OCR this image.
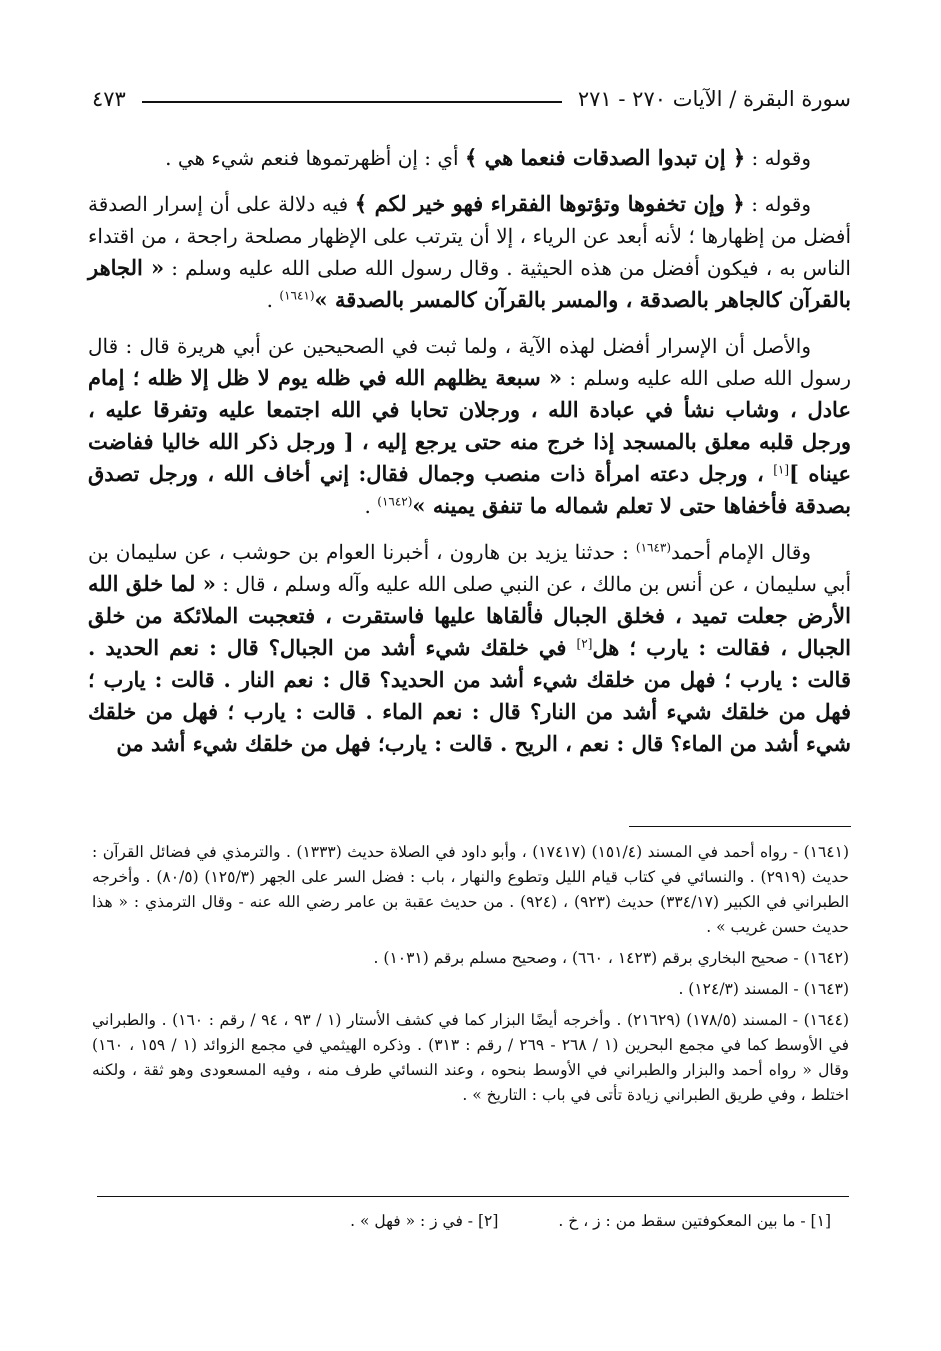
سورة البقرة / الآيات ٢٧٠ - ٢٧١
٤٧٣

وقوله : ﴿ إن تبدوا الصدقات فنعما هي ﴾ أي : إن أظهرتموها فنعم شيء هي .

وقوله : ﴿ وإن تخفوها وتؤتوها الفقراء فهو خير لكم ﴾ فيه دلالة على أن إسرار الصدقة أفضل من إظهارها ؛ لأنه أبعد عن الرياء ، إلا أن يترتب على الإظهار مصلحة راجحة ، من اقتداء الناس به ، فيكون أفضل من هذه الحيثية . وقال رسول الله صلى الله عليه وسلم : « الجاهر بالقرآن كالجاهر بالصدقة ، والمسر بالقرآن كالمسر بالصدقة »$^{(١٦٤١)}$ .

والأصل أن الإسرار أفضل لهذه الآية ، ولما ثبت في الصحيحين عن أبي هريرة قال : قال رسول الله صلى الله عليه وسلم : « سبعة يظلهم الله في ظله يوم لا ظل إلا ظله ؛ إمام عادل ، وشاب نشأ في عبادة الله ، ورجلان تحابا في الله اجتمعا عليه وتفرقا عليه ، ورجل قلبه معلق بالمسجد إذا خرج منه حتى يرجع إليه ، [ ورجل ذكر الله خاليا ففاضت عيناه ][١] ، ورجل دعته امرأة ذات منصب وجمال فقال: إني أخاف الله ، ورجل تصدق بصدقة فأخفاها حتى لا تعلم شماله ما تنفق يمينه »$^{(١٦٤٢)}$ .

وقال الإمام أحمد$^{(١٦٤٣)}$ : حدثنا يزيد بن هارون ، أخبرنا العوام بن حوشب ، عن سليمان بن أبي سليمان ، عن أنس بن مالك ، عن النبي صلى الله عليه وآله وسلم ، قال : « لما خلق الله الأرض جعلت تميد ، فخلق الجبال فألقاها عليها فاستقرت ، فتعجبت الملائكة من خلق الجبال ، فقالت : يارب ؛ هل[٢] في خلقك شيء أشد من الجبال؟ قال : نعم الحديد . قالت : يارب ؛ فهل من خلقك شيء أشد من الحديد؟ قال : نعم النار . قالت : يارب ؛ فهل من خلقك شيء أشد من النار؟ قال : نعم الماء . قالت : يارب ؛ فهل من خلقك شيء أشد من الماء؟ قال : نعم ، الريح . قالت : يارب؛ فهل من خلقك شيء أشد من

(١٦٤١) - رواه أحمد في المسند (١٥١/٤) (١٧٤١٧) ، وأبو داود في الصلاة حديث (١٣٣٣) . والترمذي في فضائل القرآن : حديث (٢٩١٩) . والنسائي في كتاب قيام الليل وتطوع والنهار ، باب : فضل السر على الجهر (١٢٥/٣) (٨٠/٥) . وأخرجه الطبراني في الكبير (٣٣٤/١٧) حديث (٩٢٣) ، (٩٢٤) . من حديث عقبة بن عامر رضي الله عنه - وقال الترمذي : « هذا حديث حسن غريب » .
(١٦٤٢) - صحيح البخاري برقم (١٤٢٣ ، ٦٦٠) ، وصحيح مسلم برقم (١٠٣١) .
(١٦٤٣) - المسند (١٢٤/٣) .
(١٦٤٤) - المسند (١٧٨/٥) (٢١٦٢٩) . وأخرجه أيضًا البزار كما في كشف الأستار (١ / ٩٣ ، ٩٤ / رقم : ١٦٠) . والطبراني في الأوسط كما في مجمع البحرين (١ / ٢٦٨ - ٢٦٩ / رقم : ٣١٣) . وذكره الهيثمي في مجمع الزوائد (١ / ١٥٩ ، ١٦٠) وقال « رواه أحمد والبزار والطبراني في الأوسط بنحوه ، وعند النسائي طرف منه ، وفيه المسعودى وهو ثقة ، ولكنه اختلط ، وفي طريق الطبراني زيادة تأتى في باب : التاريخ » .
[١] - ما بين المعكوفتين سقط من : ز ، خ .
[٢] - في ز : « فهل » .
